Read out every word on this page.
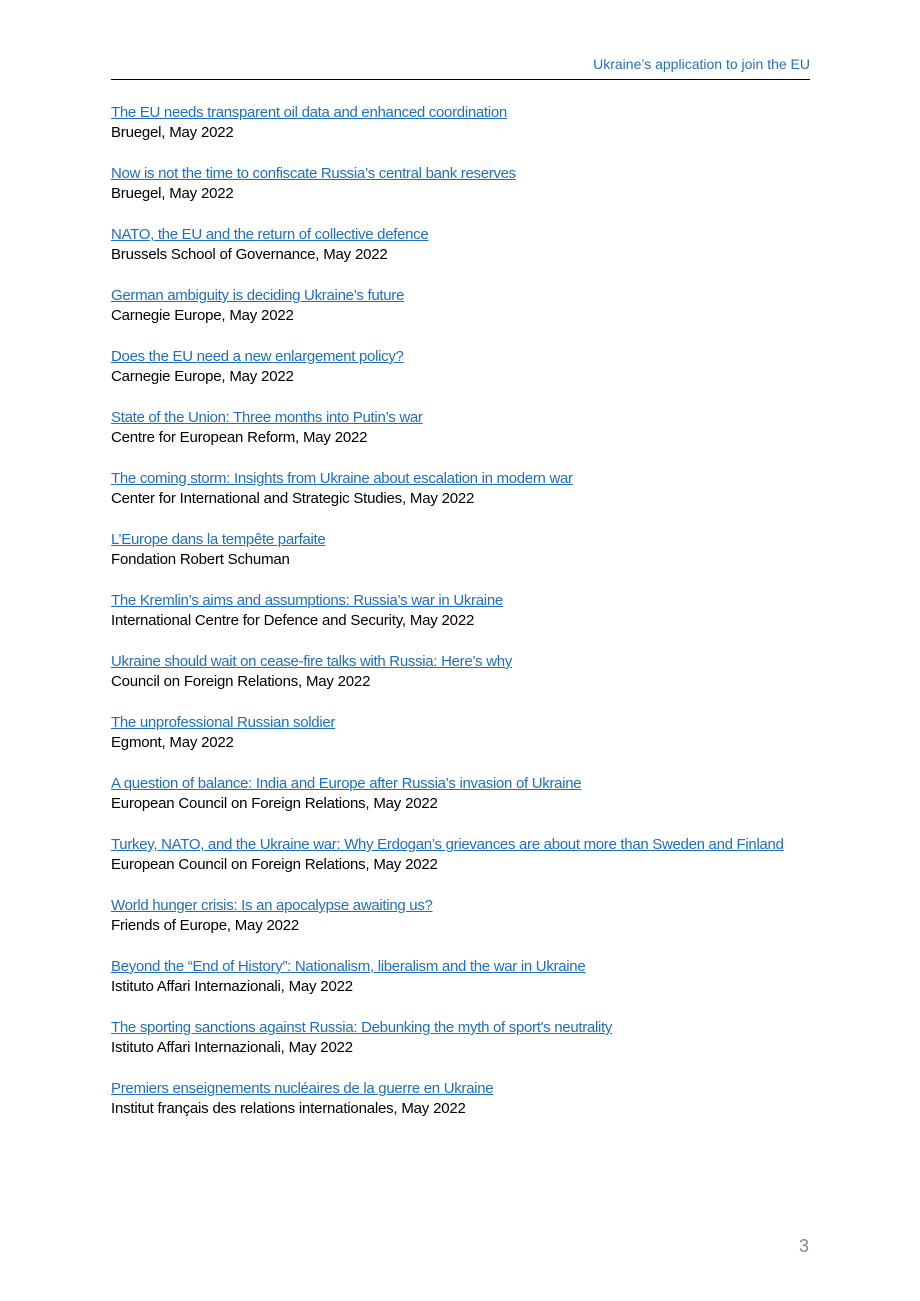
Ukraine’s application to join the EU
The EU needs transparent oil data and enhanced coordination
Bruegel, May 2022
Now is not the time to confiscate Russia’s central bank reserves
Bruegel, May 2022
NATO, the EU and the return of collective defence
Brussels School of Governance, May 2022
German ambiguity is deciding Ukraine’s future
Carnegie Europe, May 2022
Does the EU need a new enlargement policy?
Carnegie Europe, May 2022
State of the Union: Three months into Putin’s war
Centre for European Reform, May 2022
The coming storm: Insights from Ukraine about escalation in modern war
Center for International and Strategic Studies, May 2022
L’Europe dans la tempête parfaite
Fondation Robert Schuman
The Kremlin’s aims and assumptions: Russia’s war in Ukraine
International Centre for Defence and Security, May 2022
Ukraine should wait on cease-fire talks with Russia: Here’s why
Council on Foreign Relations, May 2022
The unprofessional Russian soldier
Egmont, May 2022
A question of balance: India and Europe after Russia’s invasion of Ukraine
European Council on Foreign Relations, May 2022
Turkey, NATO, and the Ukraine war: Why Erdogan’s grievances are about more than Sweden and Finland
European Council on Foreign Relations, May 2022
World hunger crisis: Is an apocalypse awaiting us?
Friends of Europe, May 2022
Beyond the “End of History”: Nationalism, liberalism and the war in Ukraine
Istituto Affari Internazionali, May 2022
The sporting sanctions against Russia: Debunking the myth of sport's neutrality
Istituto Affari Internazionali, May 2022
Premiers enseignements nucléaires de la guerre en Ukraine
Institut français des relations internationales, May 2022
3
